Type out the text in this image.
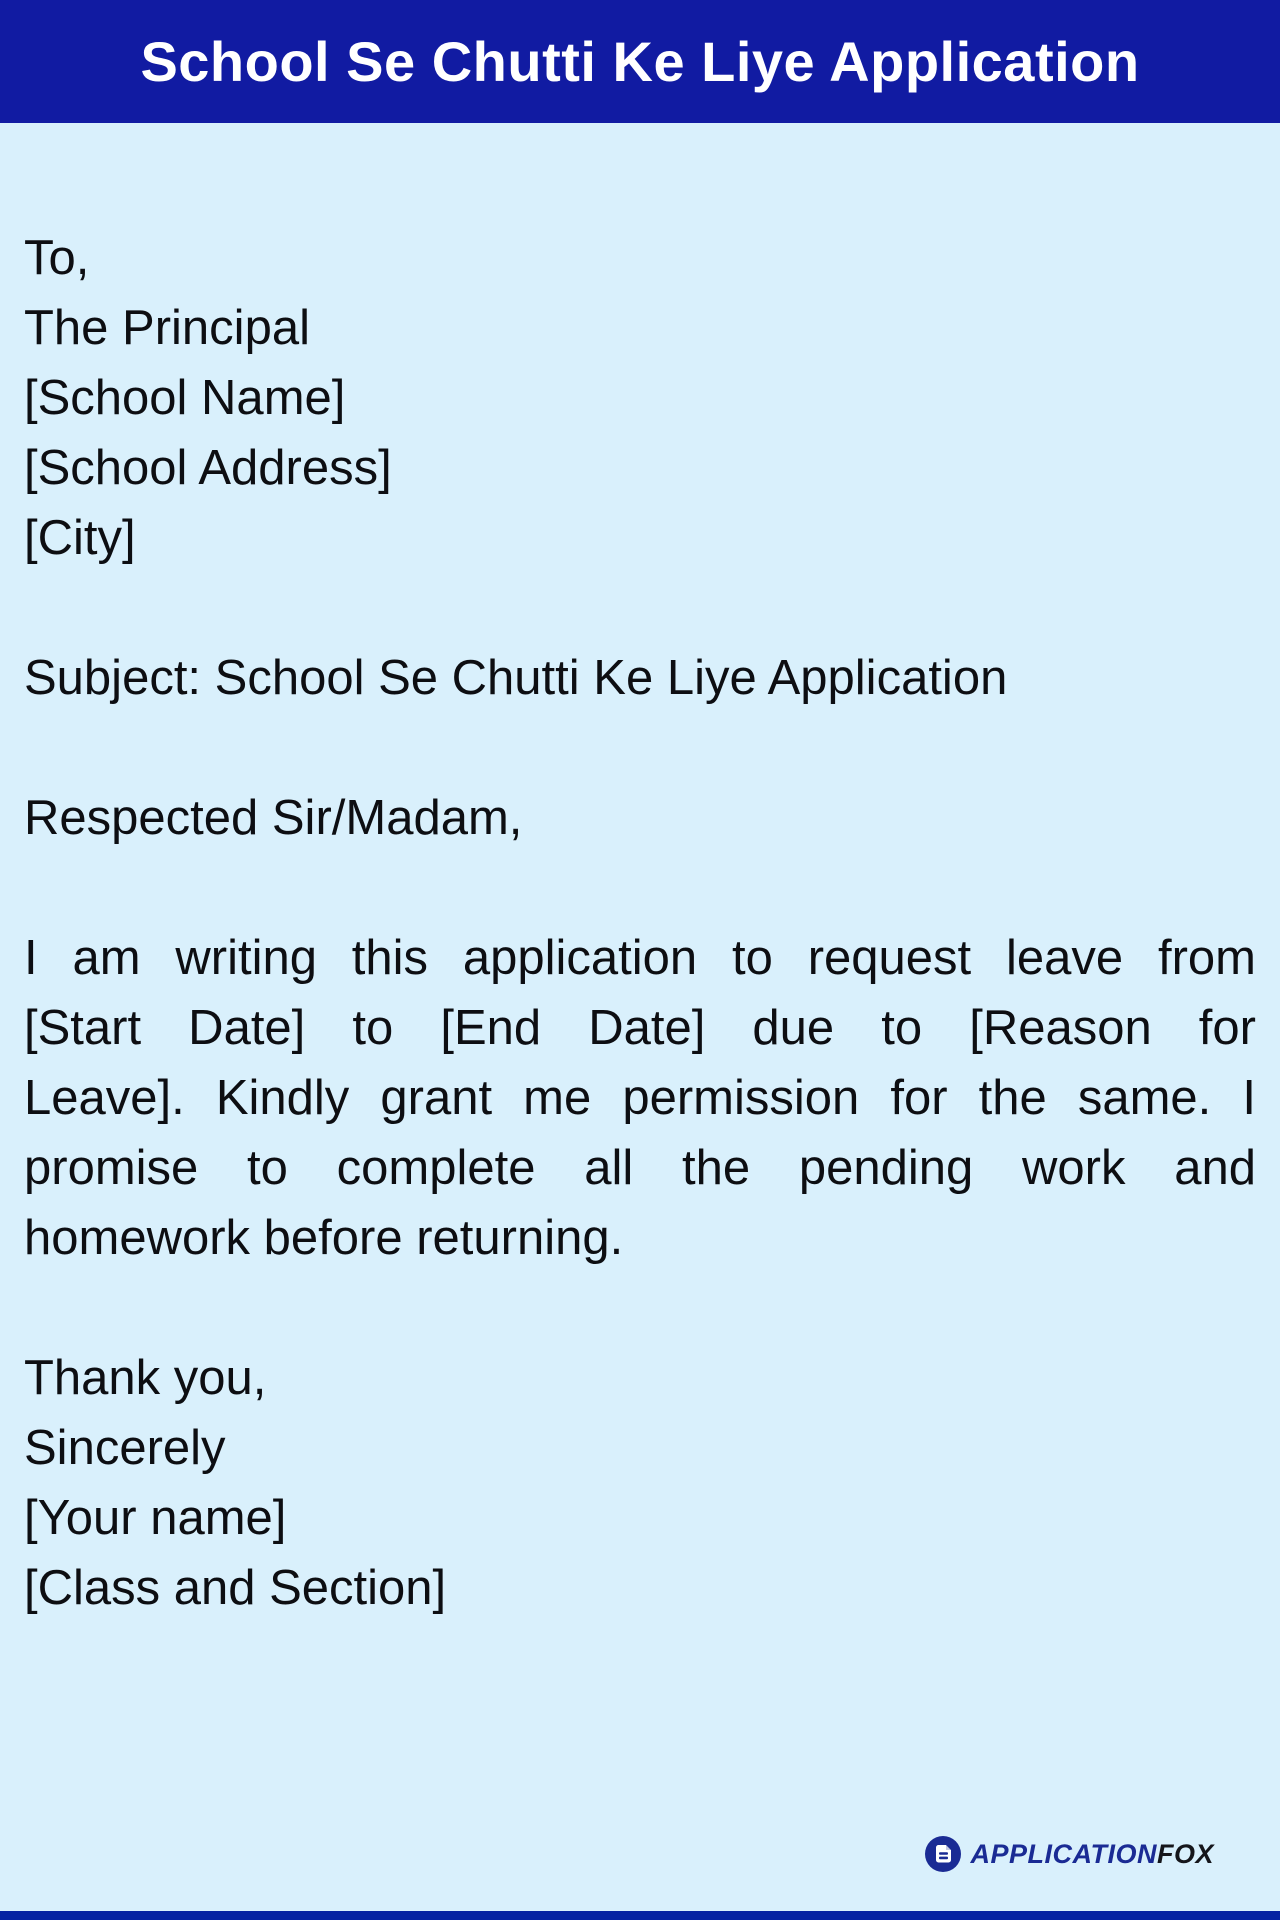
School Se Chutti Ke Liye Application
To,
The Principal
[School Name]
[School Address]
[City]
Subject: School Se Chutti Ke Liye Application
Respected Sir/Madam,
I am writing this application to request leave from
[Start Date] to [End Date] due to [Reason for
Leave]. Kindly grant me permission for the same. I
promise to complete all the pending work and
homework before returning.
Thank you,
Sincerely
[Your name]
[Class and Section]
APPLICATIONFOX
